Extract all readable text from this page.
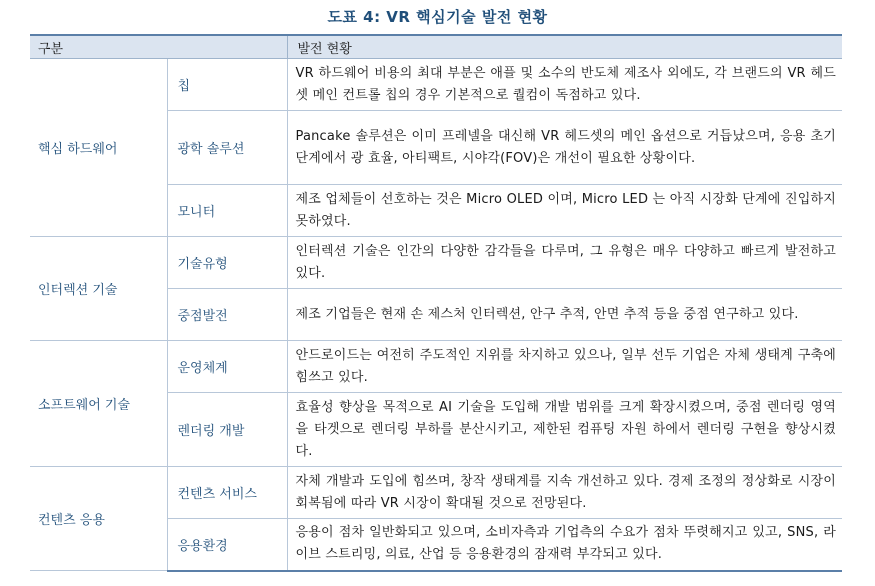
도표 4: VR 핵심기술 발전 현황
구분		발전 현황
핵심 하드웨어	칩	VR 하드웨어 비용의 최대 부분은 애플 및 소수의 반도체 제조사 외에도, 각 브랜드의 VR 헤드셋 메인 컨트롤 칩의 경우 기본적으로 퀄컴이 독점하고 있다.
	광학 솔루션	Pancake 솔루션은 이미 프레넬을 대신해 VR 헤드셋의 메인 옵션으로 거듭났으며, 응용 초기 단계에서 광 효율, 아티팩트, 시야각(FOV)은 개선이 필요한 상황이다.
	모니터	제조 업체들이 선호하는 것은 Micro OLED 이며, Micro LED 는 아직 시장화 단계에 진입하지 못하였다.
인터렉션 기술	기술유형	인터렉션 기술은 인간의 다양한 감각들을 다루며, 그 유형은 매우 다양하고 빠르게 발전하고 있다.
	중점발전	제조 기업들은 현재 손 제스처 인터렉션, 안구 추적, 안면 추적 등을 중점 연구하고 있다.
소프트웨어 기술	운영체계	안드로이드는 여전히 주도적인 지위를 차지하고 있으나, 일부 선두 기업은 자체 생태계 구축에 힘쓰고 있다.
	렌더링 개발	효율성 향상을 목적으로 AI 기술을 도입해 개발 범위를 크게 확장시켰으며, 중점 렌더링 영역을 타겟으로 렌더링 부하를 분산시키고, 제한된 컴퓨팅 자원 하에서 렌더링 구현을 향상시켰다.
컨텐츠 응용	컨텐츠 서비스	자체 개발과 도입에 힘쓰며, 창작 생태계를 지속 개선하고 있다. 경제 조정의 정상화로 시장이 회복됨에 따라 VR 시장이 확대될 것으로 전망된다.
	응용환경	응용이 점차 일반화되고 있으며, 소비자측과 기업측의 수요가 점차 뚜렷해지고 있고, SNS, 라이브 스트리밍, 의료, 산업 등 응용환경의 잠재력 부각되고 있다.
